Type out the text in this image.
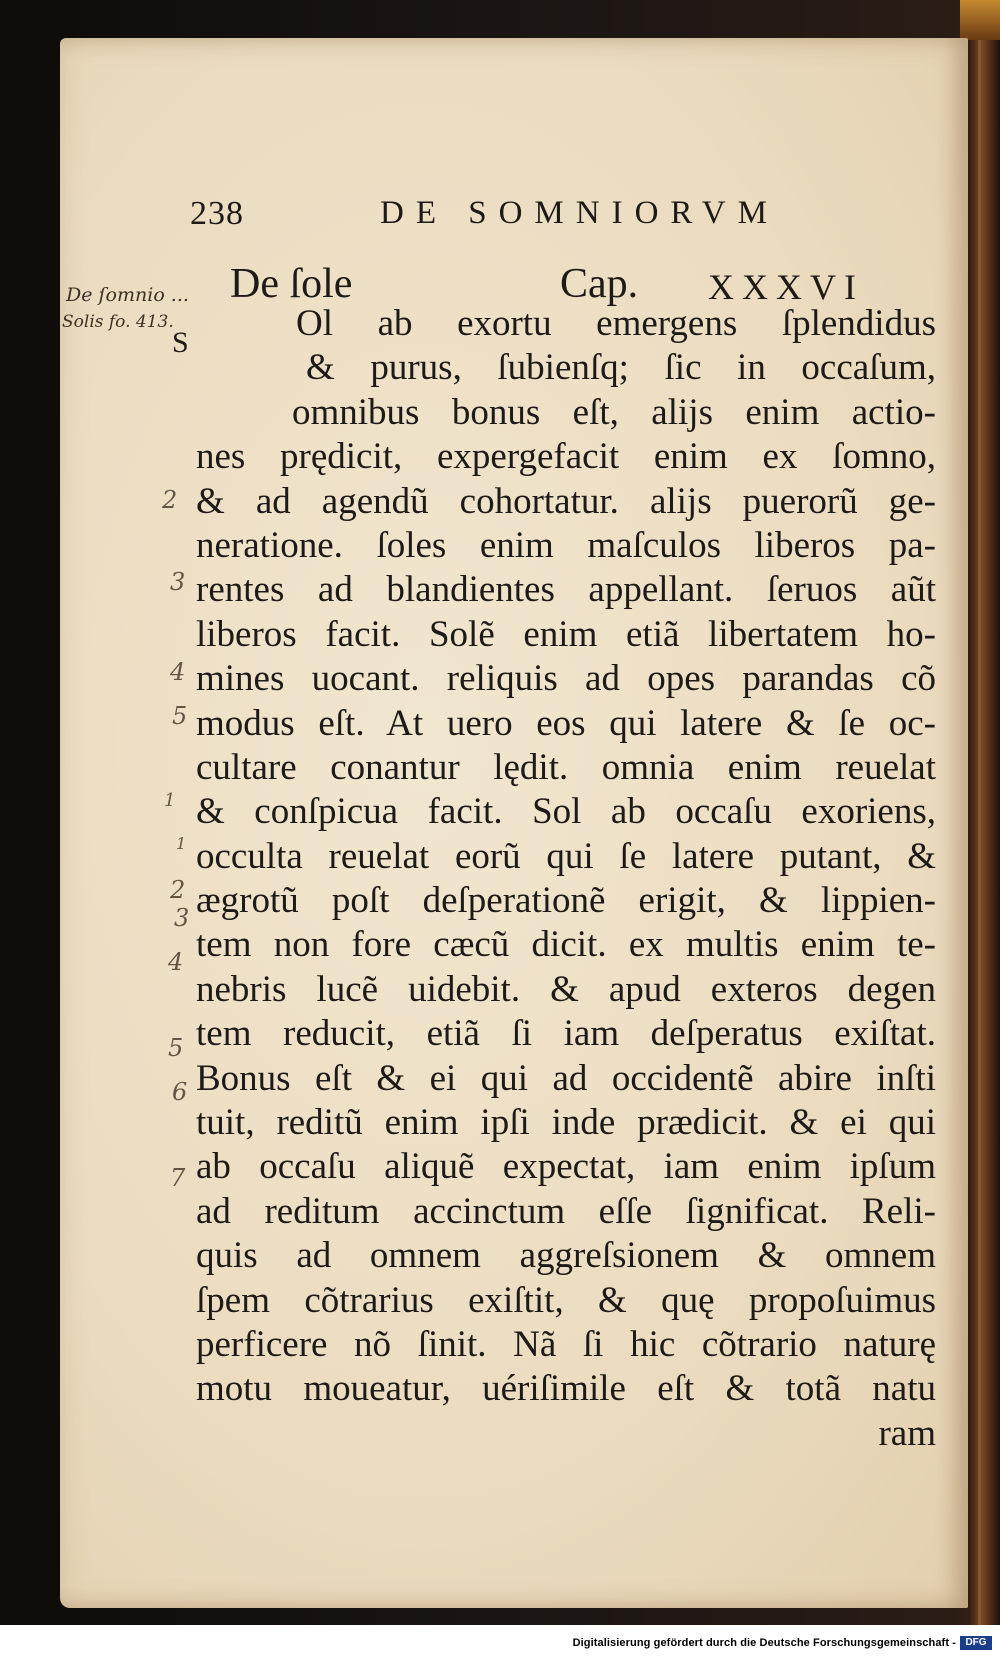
238	DE SOMNIORVM
De ſole	Cap. XXXVI
De ſomnio ...
Solis fo. 413.
S
2
3
4
5
1
1
2
3
4
5
6
7
Ol ab exortu emergens ſplendidus
& purus, ſubienſq; ſic in occaſum,
omnibus bonus eſt, alijs enim actio-
nes prędicit, expergefacit enim ex ſomno,
& ad agendũ cohortatur. alijs puerorũ ge-
neratione. ſoles enim maſculos liberos pa-
rentes ad blandientes appellant. ſeruos aũt
liberos facit. Solẽ enim etiã libertatem ho-
mines uocant. reliquis ad opes parandas cõ
modus eſt. At uero eos qui latere & ſe oc-
cultare conantur lędit. omnia enim reuelat
& conſpicua facit. Sol ab occaſu exoriens,
occulta reuelat eorũ qui ſe latere putant, &
ægrotũ poſt deſperationẽ erigit, & lippien-
tem non fore cæcũ dicit. ex multis enim te-
nebris lucẽ uidebit. & apud exteros degen
tem reducit, etiã ſi iam deſperatus exiſtat.
Bonus eſt & ei qui ad occidentẽ abire inſti
tuit, reditũ enim ipſi inde prædicit. & ei qui
ab occaſu aliquẽ expectat, iam enim ipſum
ad reditum accinctum eſſe ſignificat. Reli-
quis ad omnem aggreſsionem & omnem
ſpem cõtrarius exiſtit, & quę propoſuimus
perficere nõ ſinit. Nã ſi hic cõtrario naturę
motu moueatur, uériſimile eſt & totã natu
ram
Digitalisierung gefördert durch die Deutsche Forschungsgemeinschaft - DFG
